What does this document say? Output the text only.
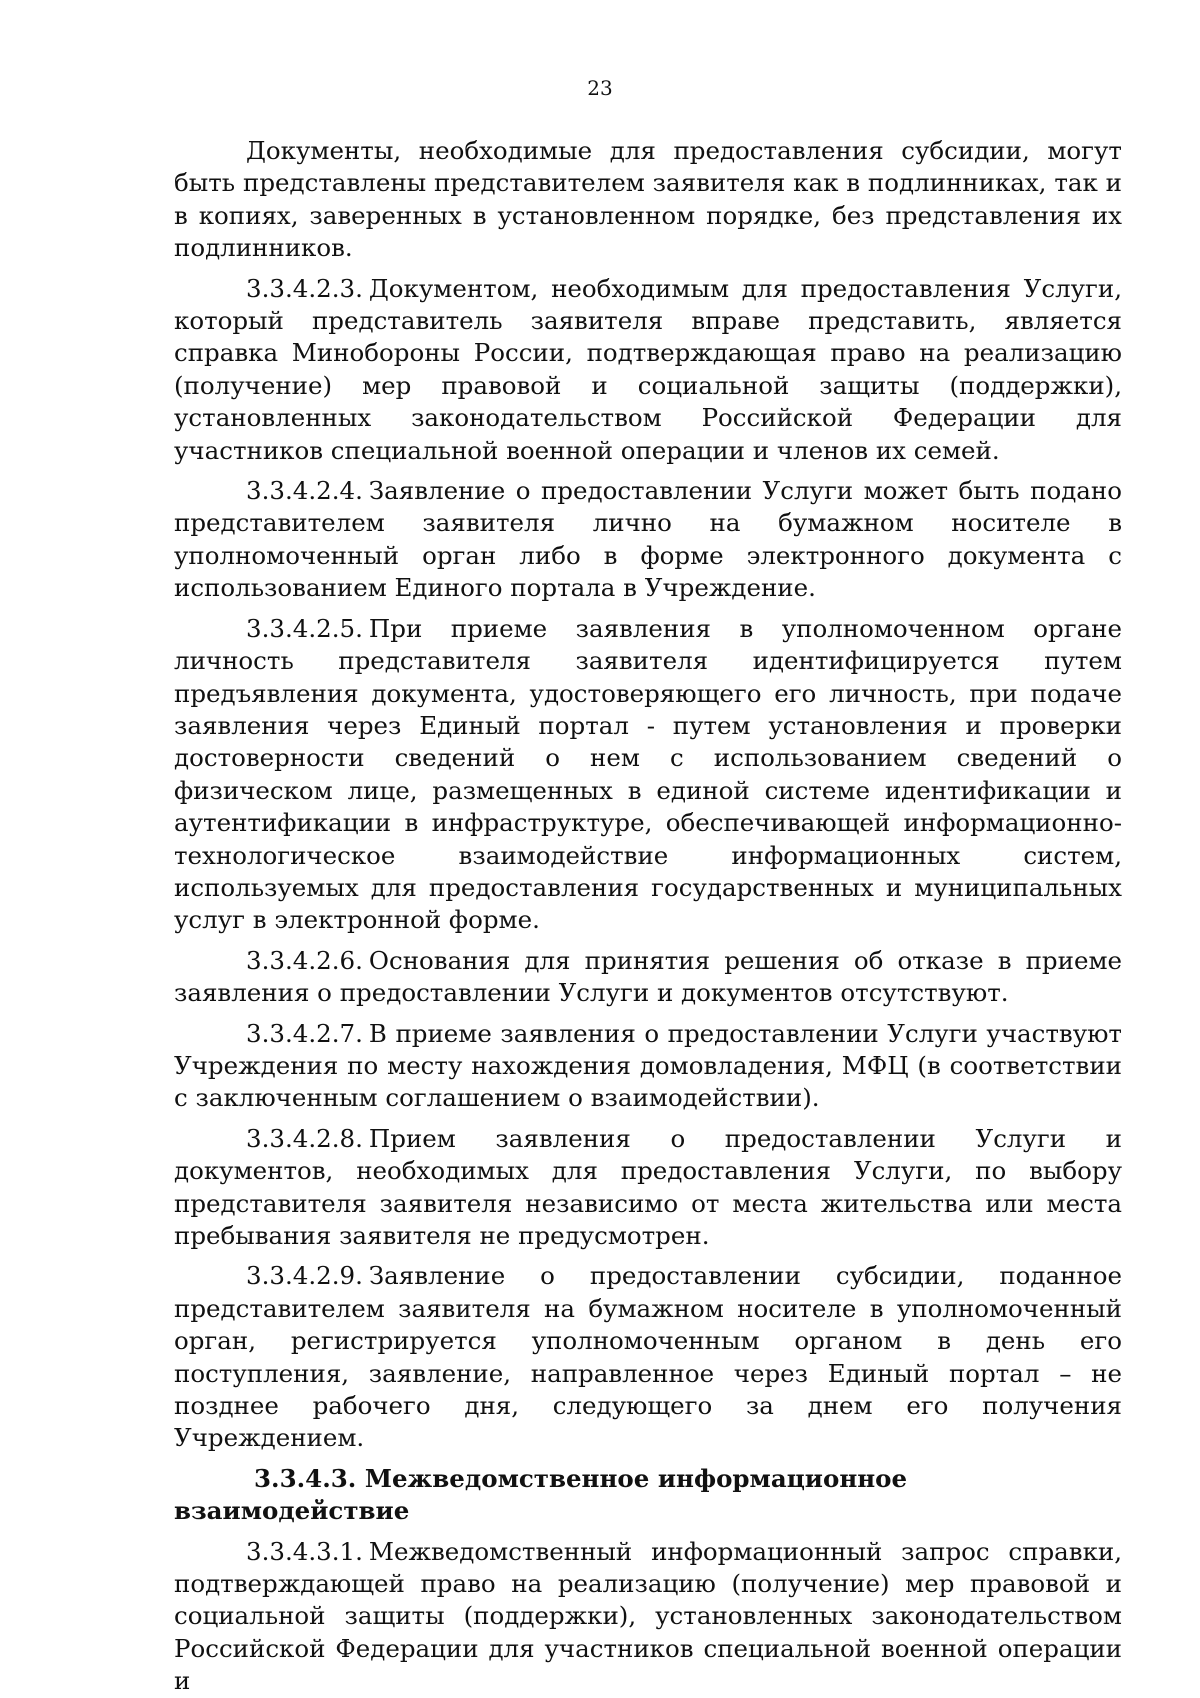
23

Документы, необходимые для предоставления субсидии, могут быть представлены представителем заявителя как в подлинниках, так и в копиях, заверенных в установленном порядке, без представления их подлинников.

3.3.4.2.3. Документом, необходимым для предоставления Услуги, который представитель заявителя вправе представить, является справка Минобороны России, подтверждающая право на реализацию (получение) мер правовой и социальной защиты (поддержки), установленных законодательством Российской Федерации для участников специальной военной операции и членов их семей.

3.3.4.2.4. Заявление о предоставлении Услуги может быть подано представителем заявителя лично на бумажном носителе в уполномоченный орган либо в форме электронного документа с использованием Единого портала в Учреждение.

3.3.4.2.5. При приеме заявления в уполномоченном органе личность представителя заявителя идентифицируется путем предъявления документа, удостоверяющего его личность, при подаче заявления через Единый портал - путем установления и проверки достоверности сведений о нем с использованием сведений о физическом лице, размещенных в единой системе идентификации и аутентификации в инфраструктуре, обеспечивающей информационно-технологическое взаимодействие информационных систем, используемых для предоставления государственных и муниципальных услуг в электронной форме.

3.3.4.2.6. Основания для принятия решения об отказе в приеме заявления о предоставлении Услуги и документов отсутствуют.

3.3.4.2.7. В приеме заявления о предоставлении Услуги участвуют Учреждения по месту нахождения домовладения, МФЦ (в соответствии с заключенным соглашением о взаимодействии).

3.3.4.2.8. Прием заявления о предоставлении Услуги и документов, необходимых для предоставления Услуги, по выбору представителя заявителя независимо от места жительства или места пребывания заявителя не предусмотрен.

3.3.4.2.9. Заявление о предоставлении субсидии, поданное представителем заявителя на бумажном носителе в уполномоченный орган, регистрируется уполномоченным органом в день его поступления, заявление, направленное через Единый портал – не позднее рабочего дня, следующего за днем его получения Учреждением.

3.3.4.3. Межведомственное информационное взаимодействие

3.3.4.3.1. Межведомственный информационный запрос справки, подтверждающей право на реализацию (получение) мер правовой и социальной защиты (поддержки), установленных законодательством Российской Федерации для участников специальной военной операции и
